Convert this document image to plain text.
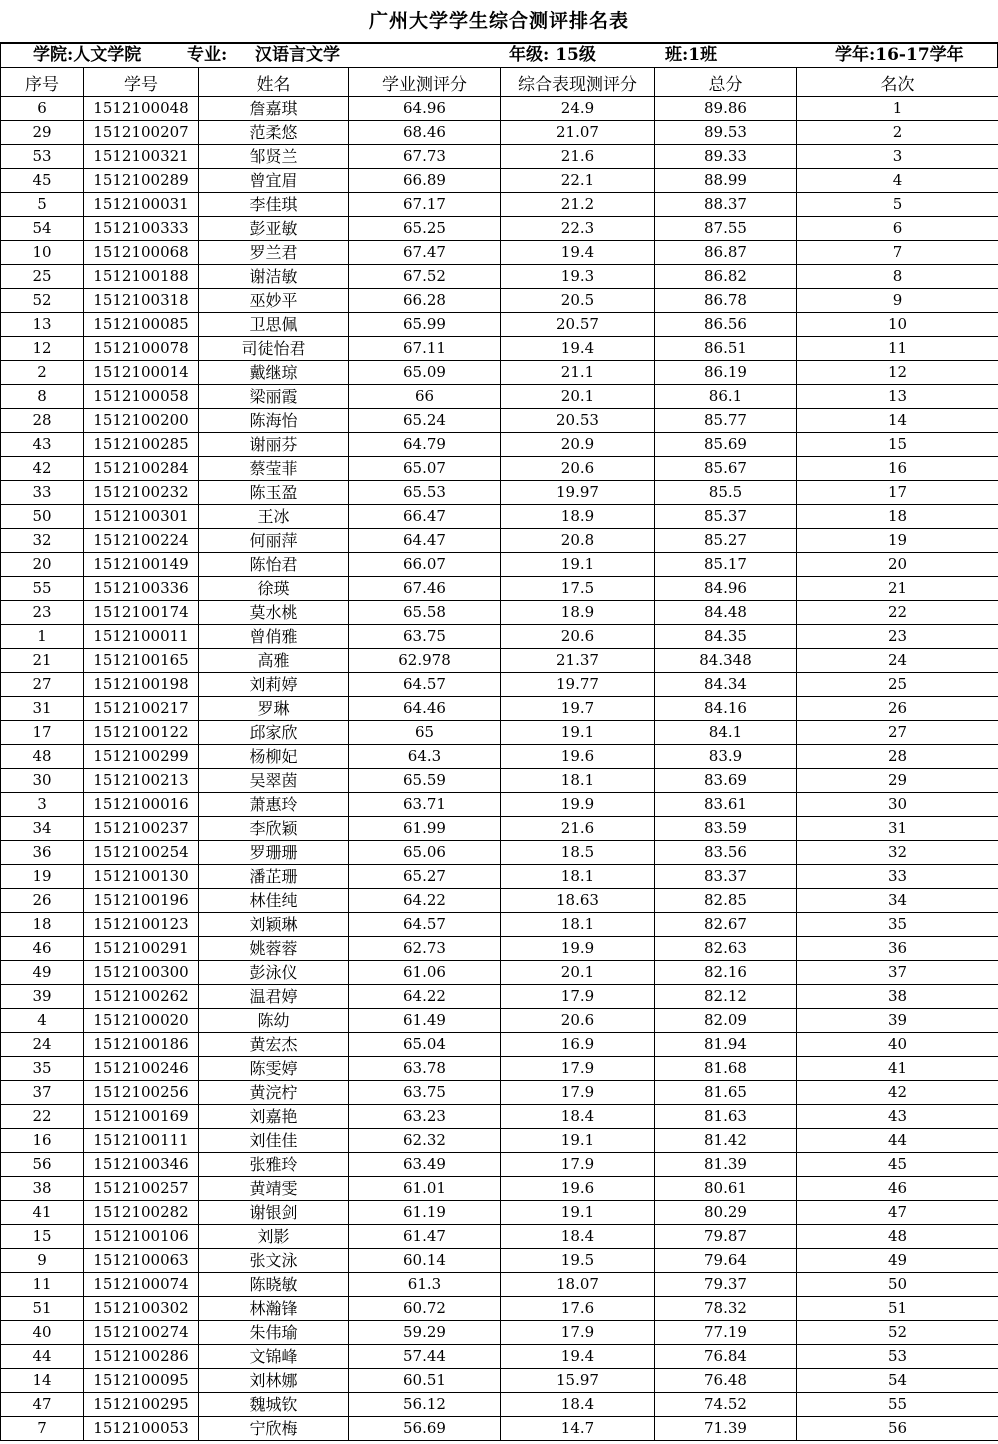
广州大学学生综合测评排名表
学院:人文学院	专业: 汉语言文学	年级: 15级	班:1班	学年:16-17学年
序号	学号	姓名	学业测评分	综合表现测评分	总分	名次
6	1512100048	詹嘉琪	64.96	24.9	89.86	1
29	1512100207	范柔悠	68.46	21.07	89.53	2
53	1512100321	邹贤兰	67.73	21.6	89.33	3
45	1512100289	曾宜眉	66.89	22.1	88.99	4
5	1512100031	李佳琪	67.17	21.2	88.37	5
54	1512100333	彭亚敏	65.25	22.3	87.55	6
10	1512100068	罗兰君	67.47	19.4	86.87	7
25	1512100188	谢洁敏	67.52	19.3	86.82	8
52	1512100318	巫妙平	66.28	20.5	86.78	9
13	1512100085	卫思佩	65.99	20.57	86.56	10
12	1512100078	司徒怡君	67.11	19.4	86.51	11
2	1512100014	戴继琼	65.09	21.1	86.19	12
8	1512100058	梁丽霞	66	20.1	86.1	13
28	1512100200	陈海怡	65.24	20.53	85.77	14
43	1512100285	谢丽芬	64.79	20.9	85.69	15
42	1512100284	蔡莹菲	65.07	20.6	85.67	16
33	1512100232	陈玉盈	65.53	19.97	85.5	17
50	1512100301	王冰	66.47	18.9	85.37	18
32	1512100224	何丽萍	64.47	20.8	85.27	19
20	1512100149	陈怡君	66.07	19.1	85.17	20
55	1512100336	徐瑛	67.46	17.5	84.96	21
23	1512100174	莫水桃	65.58	18.9	84.48	22
1	1512100011	曾俏雅	63.75	20.6	84.35	23
21	1512100165	高雅	62.978	21.37	84.348	24
27	1512100198	刘莉婷	64.57	19.77	84.34	25
31	1512100217	罗琳	64.46	19.7	84.16	26
17	1512100122	邱家欣	65	19.1	84.1	27
48	1512100299	杨柳妃	64.3	19.6	83.9	28
30	1512100213	吴翠茵	65.59	18.1	83.69	29
3	1512100016	萧惠玲	63.71	19.9	83.61	30
34	1512100237	李欣颖	61.99	21.6	83.59	31
36	1512100254	罗珊珊	65.06	18.5	83.56	32
19	1512100130	潘芷珊	65.27	18.1	83.37	33
26	1512100196	林佳纯	64.22	18.63	82.85	34
18	1512100123	刘颖琳	64.57	18.1	82.67	35
46	1512100291	姚蓉蓉	62.73	19.9	82.63	36
49	1512100300	彭泳仪	61.06	20.1	82.16	37
39	1512100262	温君婷	64.22	17.9	82.12	38
4	1512100020	陈幼	61.49	20.6	82.09	39
24	1512100186	黄宏杰	65.04	16.9	81.94	40
35	1512100246	陈雯婷	63.78	17.9	81.68	41
37	1512100256	黄浣柠	63.75	17.9	81.65	42
22	1512100169	刘嘉艳	63.23	18.4	81.63	43
16	1512100111	刘佳佳	62.32	19.1	81.42	44
56	1512100346	张雅玲	63.49	17.9	81.39	45
38	1512100257	黄靖雯	61.01	19.6	80.61	46
41	1512100282	谢银剑	61.19	19.1	80.29	47
15	1512100106	刘影	61.47	18.4	79.87	48
9	1512100063	张文泳	60.14	19.5	79.64	49
11	1512100074	陈晓敏	61.3	18.07	79.37	50
51	1512100302	林瀚锋	60.72	17.6	78.32	51
40	1512100274	朱伟瑜	59.29	17.9	77.19	52
44	1512100286	文锦峰	57.44	19.4	76.84	53
14	1512100095	刘林娜	60.51	15.97	76.48	54
47	1512100295	魏城钦	56.12	18.4	74.52	55
7	1512100053	宁欣梅	56.69	14.7	71.39	56
